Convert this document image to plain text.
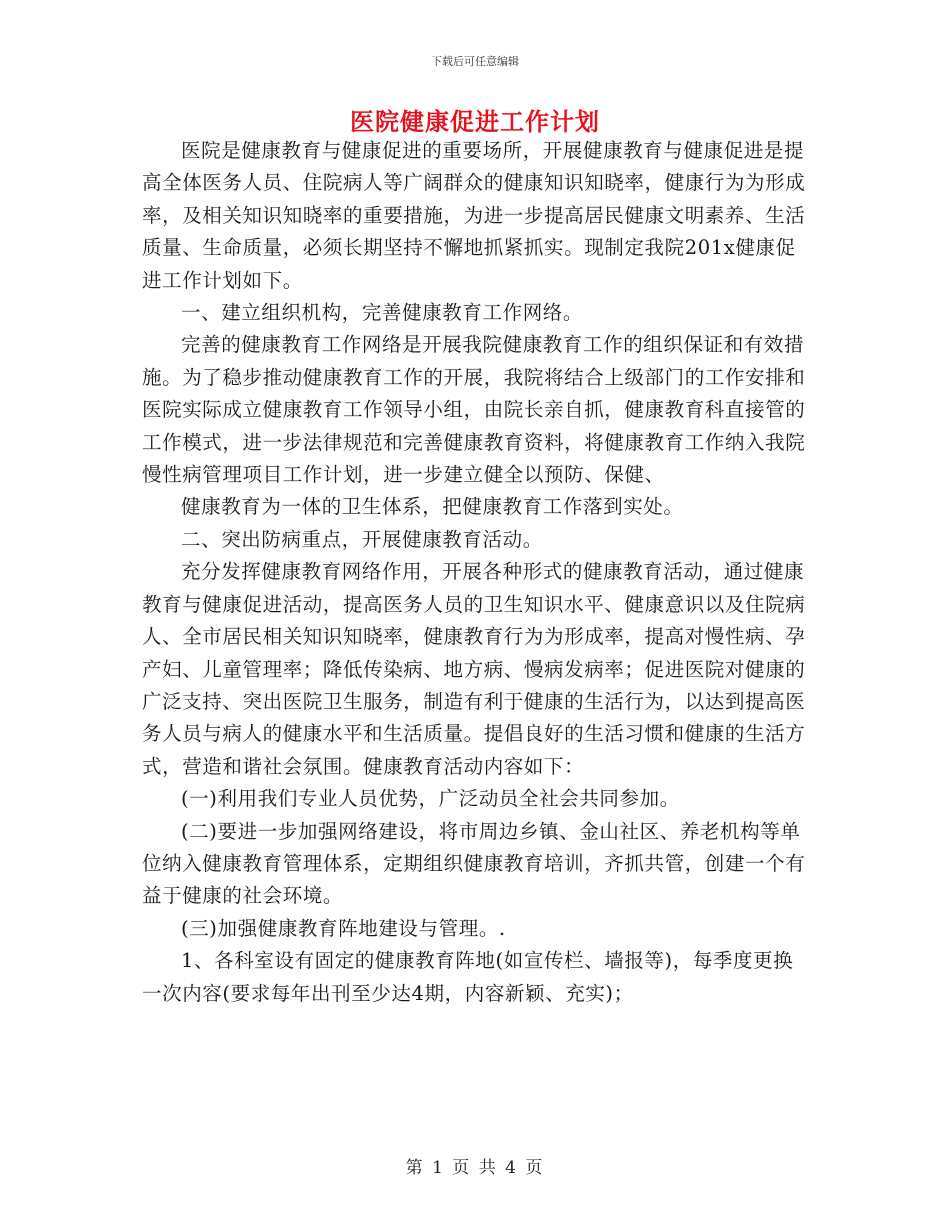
下载后可任意编辑
医院健康促进工作计划

医院是健康教育与健康促进的重要场所，开展健康教育与健康促进是提高全体医务人员、住院病人等广阔群众的健康知识知晓率，健康行为为形成率，及相关知识知晓率的重要措施，为进一步提高居民健康文明素养、生活质量、生命质量，必须长期坚持不懈地抓紧抓实。现制定我院201x健康促进工作计划如下。

一、建立组织机构，完善健康教育工作网络。

完善的健康教育工作网络是开展我院健康教育工作的组织保证和有效措施。为了稳步推动健康教育工作的开展，我院将结合上级部门的工作安排和医院实际成立健康教育工作领导小组，由院长亲自抓，健康教育科直接管的工作模式，进一步法律规范和完善健康教育资料，将健康教育工作纳入我院慢性病管理项目工作计划，进一步建立健全以预防、保健、

健康教育为一体的卫生体系，把健康教育工作落到实处。

二、突出防病重点，开展健康教育活动。

充分发挥健康教育网络作用，开展各种形式的健康教育活动，通过健康教育与健康促进活动，提高医务人员的卫生知识水平、健康意识以及住院病人、全市居民相关知识知晓率，健康教育行为为形成率，提高对慢性病、孕产妇、儿童管理率；降低传染病、地方病、慢病发病率；促进医院对健康的广泛支持、突出医院卫生服务，制造有利于健康的生活行为，以达到提高医务人员与病人的健康水平和生活质量。提倡良好的生活习惯和健康的生活方式，营造和谐社会氛围。健康教育活动内容如下：

(一)利用我们专业人员优势，广泛动员全社会共同参加。

(二)要进一步加强网络建设，将市周边乡镇、金山社区、养老机构等单位纳入健康教育管理体系，定期组织健康教育培训，齐抓共管，创建一个有益于健康的社会环境。

(三)加强健康教育阵地建设与管理。.

1、各科室设有固定的健康教育阵地(如宣传栏、墙报等)，每季度更换一次内容(要求每年出刊至少达4期，内容新颖、充实)；

第 1 页 共 4 页
